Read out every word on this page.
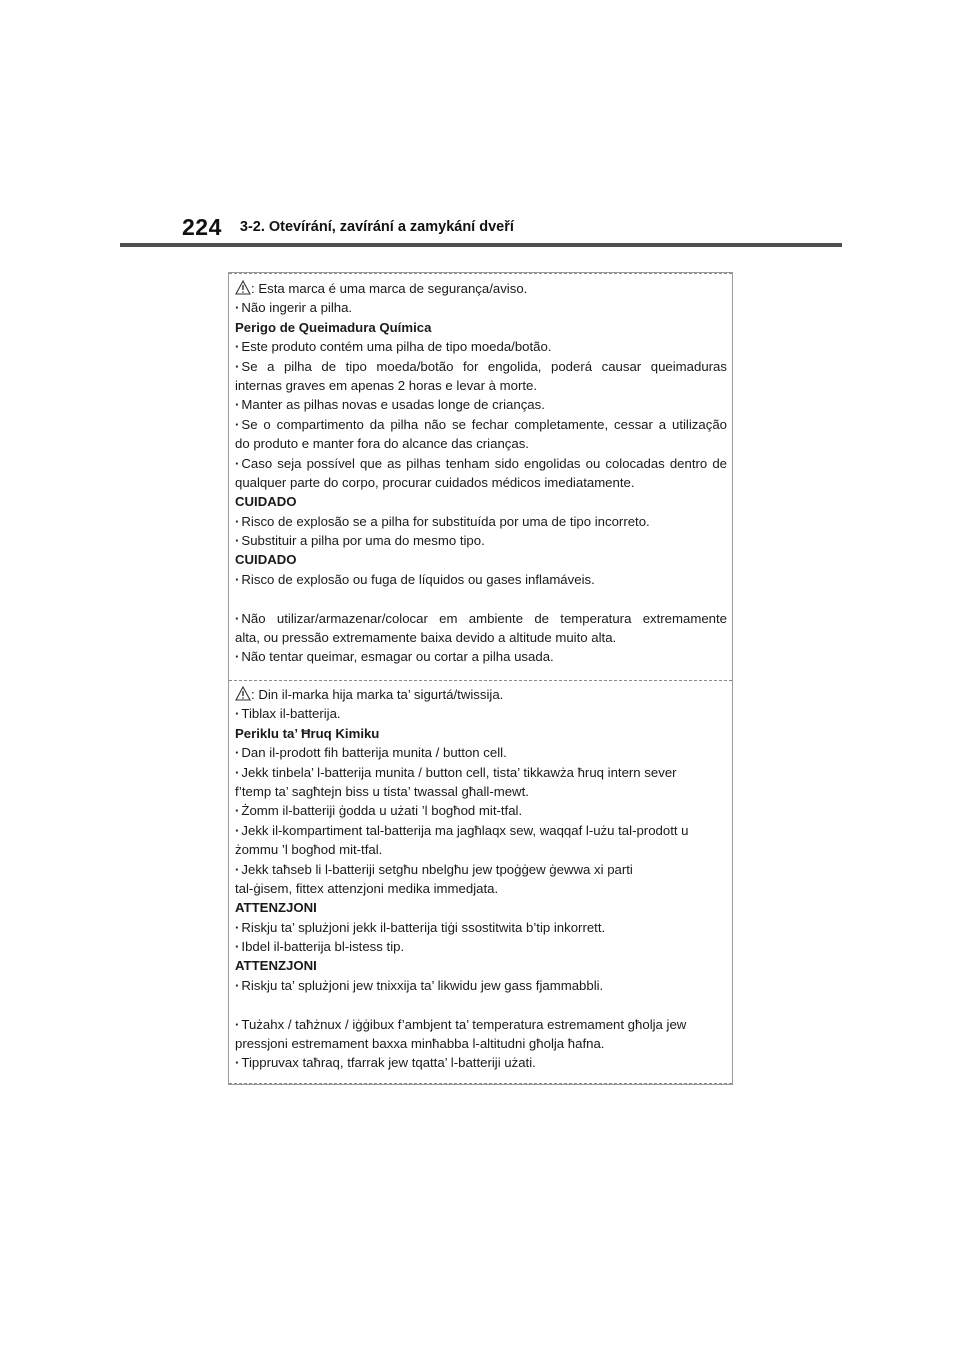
224 3-2. Otevírání, zavírání a zamykání dveří
: Esta marca é uma marca de segurança/aviso.
· Não ingerir a pilha.
Perigo de Queimadura Química
· Este produto contém uma pilha de tipo moeda/botão.
· Se a pilha de tipo moeda/botão for engolida, poderá causar queimaduras
internas graves em apenas 2 horas e levar à morte.
· Manter as pilhas novas e usadas longe de crianças.
· Se o compartimento da pilha não se fechar completamente, cessar a utilização
do produto e manter fora do alcance das crianças.
· Caso seja possível que as pilhas tenham sido engolidas ou colocadas dentro de
qualquer parte do corpo, procurar cuidados médicos imediatamente.
CUIDADO
· Risco de explosão se a pilha for substituída por uma de tipo incorreto.
· Substituir a pilha por uma do mesmo tipo.
CUIDADO
· Risco de explosão ou fuga de líquidos ou gases inflamáveis.
· Não utilizar/armazenar/colocar em ambiente de temperatura extremamente
alta, ou pressão extremamente baixa devido a altitude muito alta.
· Não tentar queimar, esmagar ou cortar a pilha usada.
: Din il-marka hija marka ta’ sigurtá/twissija.
· Tiblax il-batterija.
Periklu ta’ Ħruq Kimiku
· Dan il-prodott fih batterija munita / button cell.
· Jekk tinbela’ l-batterija munita / button cell, tista’ tikkawża ħruq intern sever
f’temp ta’ sagħtejn biss u tista’ twassal għall-mewt.
· Żomm il-batteriji ġodda u użati ’l bogħod mit-tfal.
· Jekk il-kompartiment tal-batterija ma jagħlaqx sew, waqqaf l-użu tal-prodott u
żommu ’l bogħod mit-tfal.
· Jekk taħseb li l-batteriji setgħu nbelgħu jew tpoġġew ġewwa xi parti
tal-ġisem, fittex attenzjoni medika immedjata.
ATTENZJONI
· Riskju ta’ splużjoni jekk il-batterija tiġi ssostitwita b’tip inkorrett.
· Ibdel il-batterija bl-istess tip.
ATTENZJONI
· Riskju ta’ splużjoni jew tnixxija ta’ likwidu jew gass fjammabbli.
· Tużahx / taħżnux / iġġibux f’ambjent ta’ temperatura estremament għolja jew
pressjoni estremament baxxa minħabba l-altitudni għolja ħafna.
· Tippruvax taħraq, tfarrak jew tqatta’ l-batteriji użati.
